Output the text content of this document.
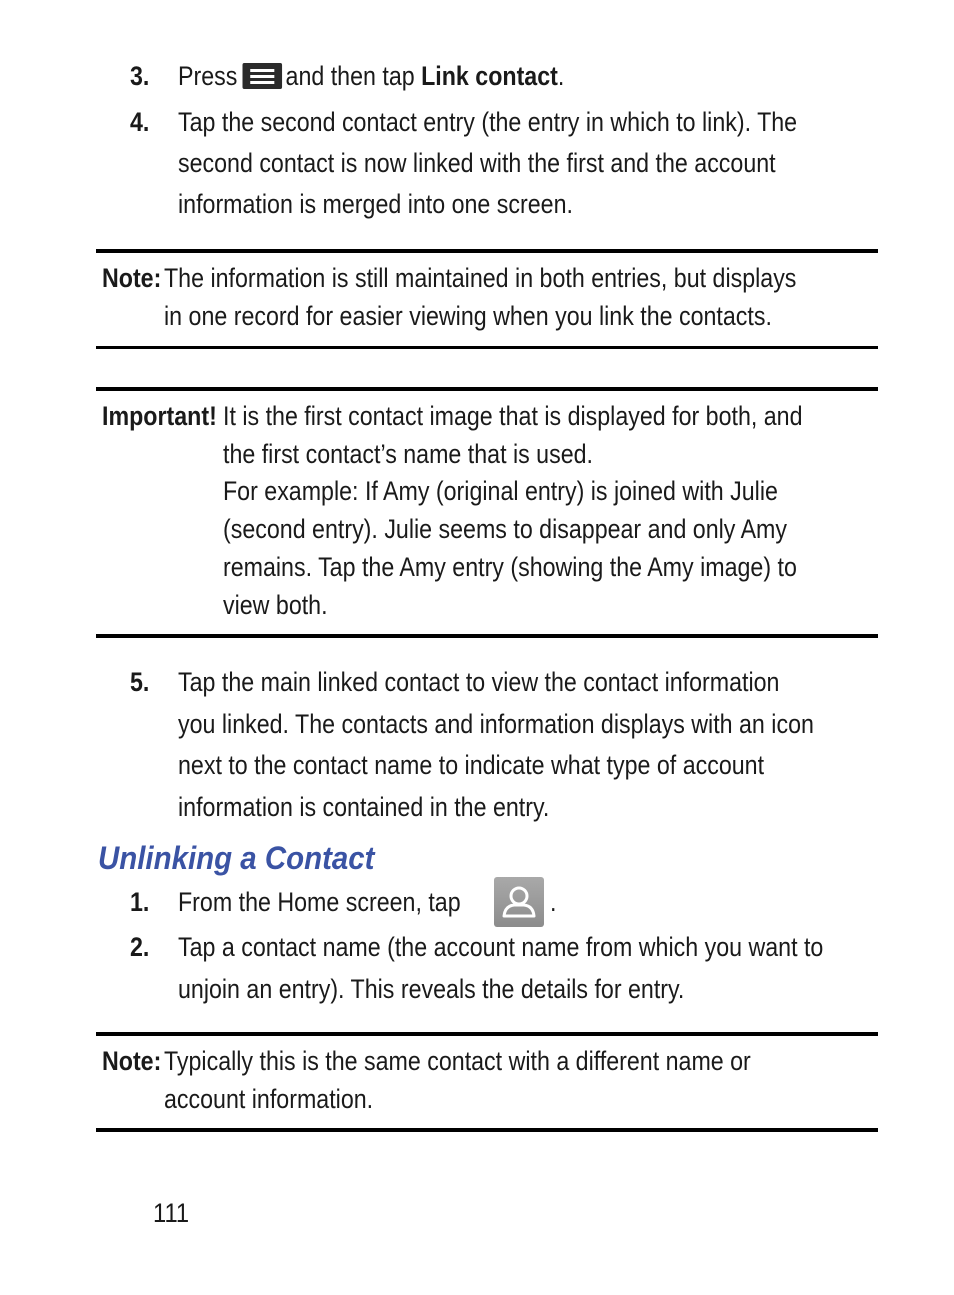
3. Press and then tap Link contact.
4. Tap the second contact entry (the entry in which to link). The
second contact is now linked with the first and the account
information is merged into one screen.
Note: The information is still maintained in both entries, but displays
in one record for easier viewing when you link the contacts.
Important! It is the first contact image that is displayed for both, and
the first contact’s name that is used.
For example: If Amy (original entry) is joined with Julie
(second entry). Julie seems to disappear and only Amy
remains. Tap the Amy entry (showing the Amy image) to
view both.
5. Tap the main linked contact to view the contact information
you linked. The contacts and information displays with an icon
next to the contact name to indicate what type of account
information is contained in the entry.
Unlinking a Contact
1. From the Home screen, tap	.
2. Tap a contact name (the account name from which you want to
unjoin an entry). This reveals the details for entry.
Note: Typically this is the same contact with a different name or
account information.
111
